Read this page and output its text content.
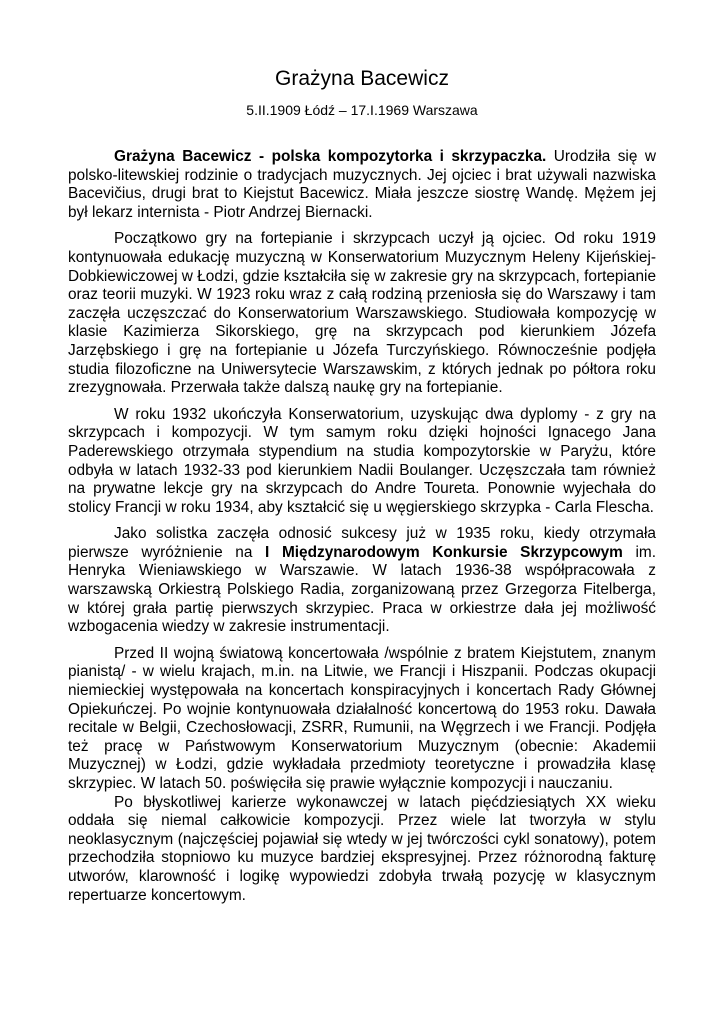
Grażyna Bacewicz
5.II.1909 Łódź – 17.I.1969 Warszawa

Grażyna Bacewicz - polska kompozytorka i skrzypaczka. Urodziła się w polsko-litewskiej rodzinie o tradycjach muzycznych. Jej ojciec i brat używali nazwiska Bacevičius, drugi brat to Kiejstut Bacewicz. Miała jeszcze siostrę Wandę. Mężem jej był lekarz internista - Piotr Andrzej Biernacki.

Początkowo gry na fortepianie i skrzypcach uczył ją ojciec. Od roku 1919 kontynuowała edukację muzyczną w Konserwatorium Muzycznym Heleny Kijeńskiej-Dobkiewiczowej w Łodzi, gdzie kształciła się w zakresie gry na skrzypcach, fortepianie oraz teorii muzyki. W 1923 roku wraz z całą rodziną przeniosła się do Warszawy i tam zaczęła uczęszczać do Konserwatorium Warszawskiego. Studiowała kompozycję w klasie Kazimierza Sikorskiego, grę na skrzypcach pod kierunkiem Józefa Jarzębskiego i grę na fortepianie u Józefa Turczyńskiego. Równocześnie podjęła studia filozoficzne na Uniwersytecie Warszawskim, z których jednak po półtora roku zrezygnowała. Przerwała także dalszą naukę gry na fortepianie.

W roku 1932 ukończyła Konserwatorium, uzyskując dwa dyplomy - z gry na skrzypcach i kompozycji. W tym samym roku dzięki hojności Ignacego Jana Paderewskiego otrzymała stypendium na studia kompozytorskie w Paryżu, które odbyła w latach 1932-33 pod kierunkiem Nadii Boulanger. Uczęszczała tam również na prywatne lekcje gry na skrzypcach do Andre Toureta. Ponownie wyjechała do stolicy Francji w roku 1934, aby kształcić się u węgierskiego skrzypka - Carla Flescha.

Jako solistka zaczęła odnosić sukcesy już w 1935 roku, kiedy otrzymała pierwsze wyróżnienie na I Międzynarodowym Konkursie Skrzypcowym im. Henryka Wieniawskiego w Warszawie. W latach 1936-38 współpracowała z warszawską Orkiestrą Polskiego Radia, zorganizowaną przez Grzegorza Fitelberga, w której grała partię pierwszych skrzypiec. Praca w orkiestrze dała jej możliwość wzbogacenia wiedzy w zakresie instrumentacji.

Przed II wojną światową koncertowała /wspólnie z bratem Kiejstutem, znanym pianistą/ - w wielu krajach, m.in. na Litwie, we Francji i Hiszpanii. Podczas okupacji niemieckiej występowała na koncertach konspiracyjnych i koncertach Rady Głównej Opiekuńczej. Po wojnie kontynuowała działalność koncertową do 1953 roku. Dawała recitale w Belgii, Czechosłowacji, ZSRR, Rumunii, na Węgrzech i we Francji. Podjęła też pracę w Państwowym Konserwatorium Muzycznym (obecnie: Akademii Muzycznej) w Łodzi, gdzie wykładała przedmioty teoretyczne i prowadziła klasę skrzypiec. W latach 50. poświęciła się prawie wyłącznie kompozycji i nauczaniu.

Po błyskotliwej karierze wykonawczej w latach pięćdziesiątych XX wieku oddała się niemal całkowicie kompozycji. Przez wiele lat tworzyła w stylu neoklasycznym (najczęściej pojawiał się wtedy w jej twórczości cykl sonatowy), potem przechodziła stopniowo ku muzyce bardziej ekspresyjnej. Przez różnorodną fakturę utworów, klarowność i logikę wypowiedzi zdobyła trwałą pozycję w klasycznym repertuarze koncertowym.
